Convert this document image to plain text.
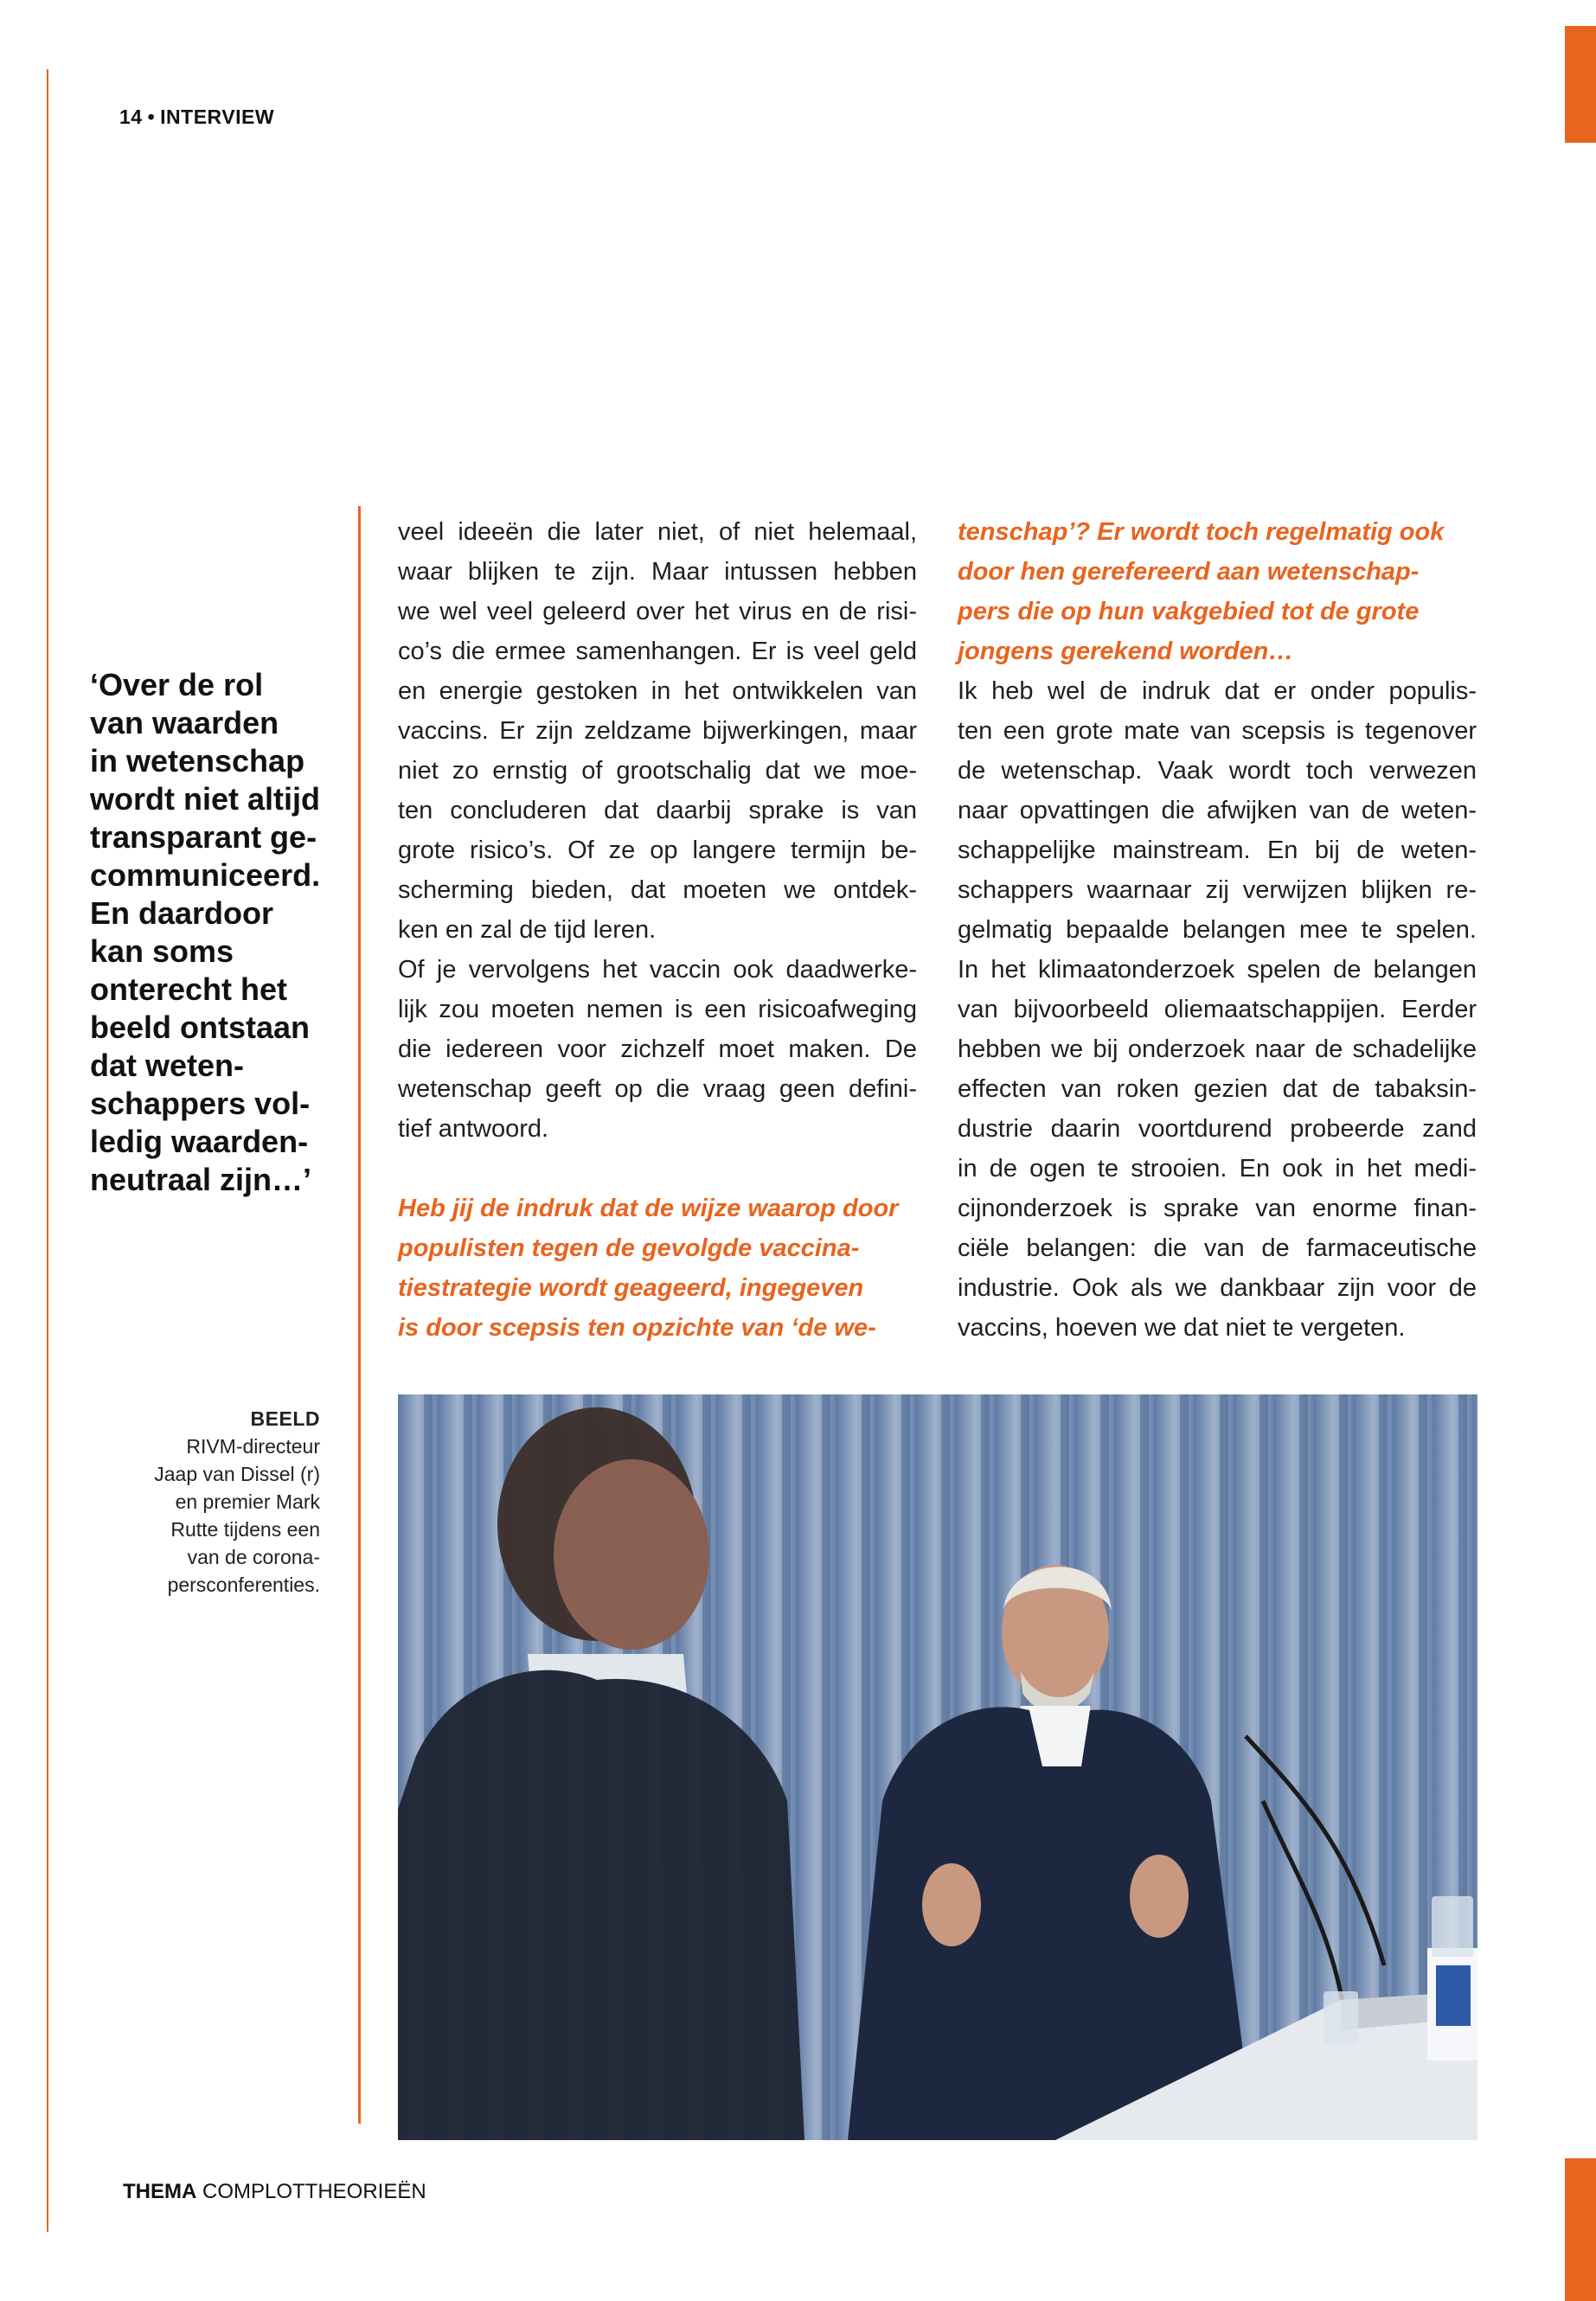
14 • INTERVIEW
‘Over de rol
van waarden
in wetenschap
wordt niet altijd
transparant ge-
communiceerd.
En daardoor
kan soms
onterecht het
beeld ontstaan
dat weten-
schappers vol-
ledig waarden-
neutraal zijn…’
BEELD
RIVM-directeur
Jaap van Dissel (r)
en premier Mark
Rutte tijdens een
van de corona-
persconferenties.

veel ideeën die later niet, of niet helemaal,
waar blijken te zijn. Maar intussen hebben
we wel veel geleerd over het virus en de risi-
co’s die ermee samenhangen. Er is veel geld
en energie gestoken in het ontwikkelen van
vaccins. Er zijn zeldzame bijwerkingen, maar
niet zo ernstig of grootschalig dat we moe-
ten concluderen dat daarbij sprake is van
grote risico’s. Of ze op langere termijn be-
scherming bieden, dat moeten we ontdek-
ken en zal de tijd leren.

Of je vervolgens het vaccin ook daadwerke-
lijk zou moeten nemen is een risicoafweging
die iedereen voor zichzelf moet maken. De
wetenschap geeft op die vraag geen defini-
tief antwoord.

Heb jij de indruk dat de wijze waarop door
populisten tegen de gevolgde vaccina-
tiestrategie wordt geageerd, ingegeven
is door scepsis ten opzichte van ‘de we-

tenschap’? Er wordt toch regelmatig ook
door hen gerefereerd aan wetenschap-
pers die op hun vakgebied tot de grote
jongens gerekend worden…

Ik heb wel de indruk dat er onder populis-
ten een grote mate van scepsis is tegenover
de wetenschap. Vaak wordt toch verwezen
naar opvattingen die afwijken van de weten-
schappelijke mainstream. En bij de weten-
schappers waarnaar zij verwijzen blijken re-
gelmatig bepaalde belangen mee te spelen.
In het klimaatonderzoek spelen de belangen
van bijvoorbeeld oliemaatschappijen. Eerder
hebben we bij onderzoek naar de schadelijke
effecten van roken gezien dat de tabaksin-
dustrie daarin voortdurend probeerde zand
in de ogen te strooien. En ook in het medi-
cijnonderzoek is sprake van enorme finan-
ciële belangen: die van de farmaceutische
industrie. Ook als we dankbaar zijn voor de
vaccins, hoeven we dat niet te vergeten.

THEMA COMPLOTTHEORIEËN
